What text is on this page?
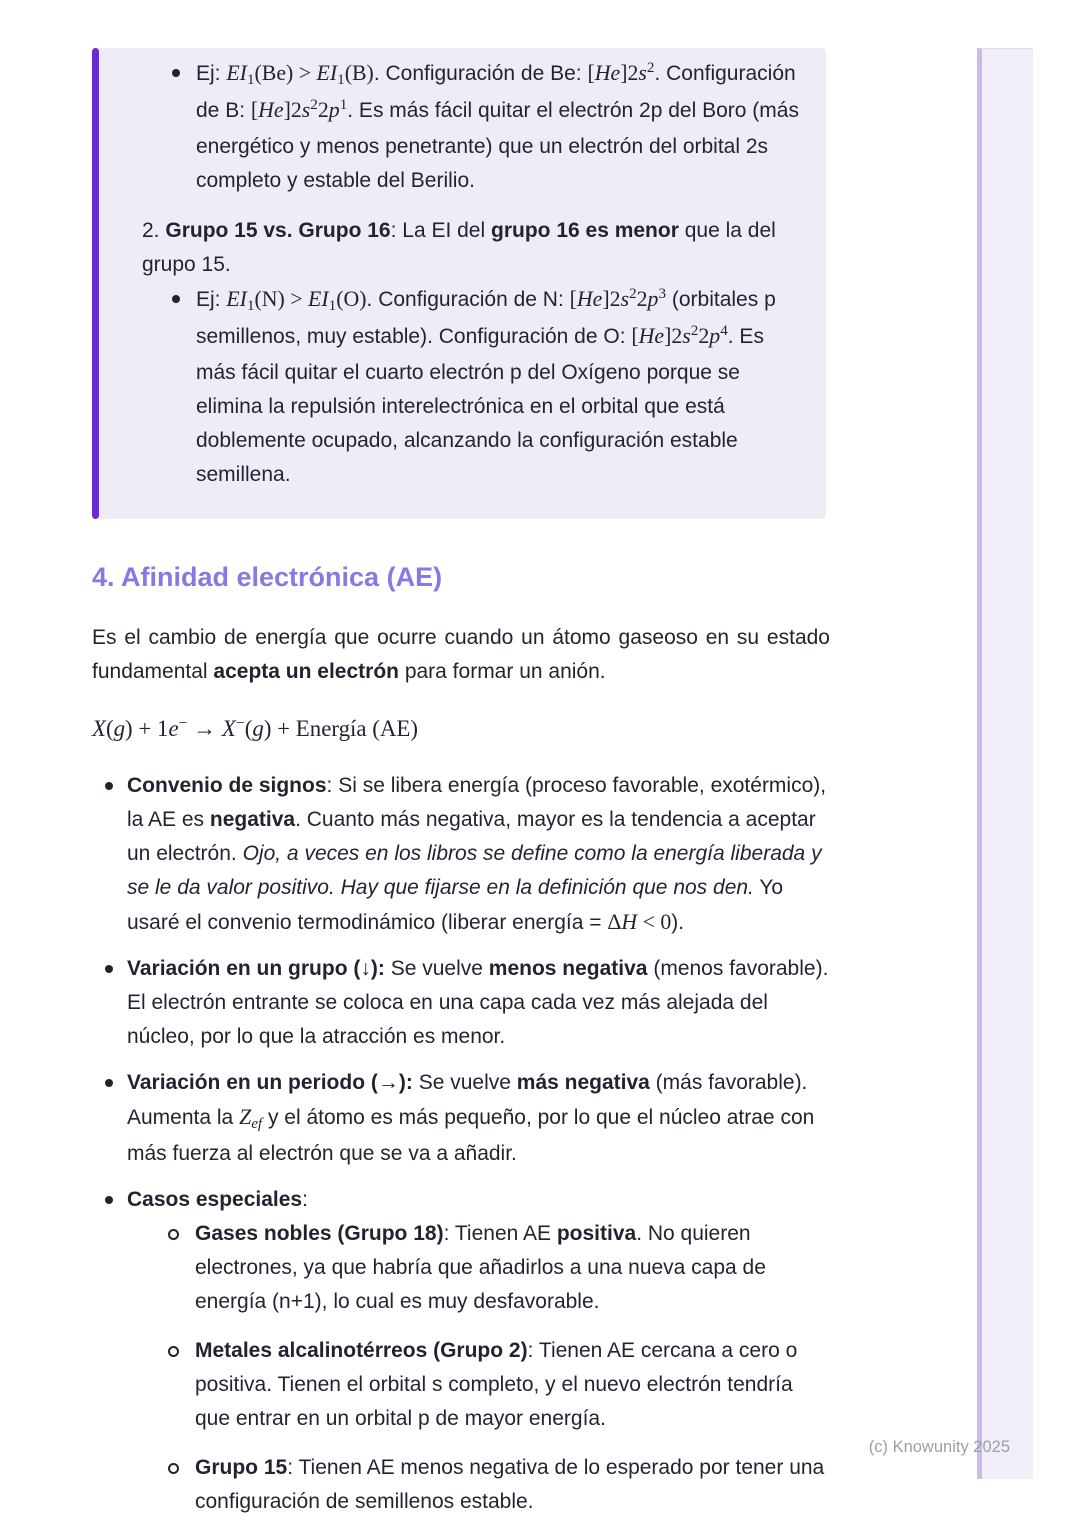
Ej: EI1(Be) > EI1(B). Configuración de Be: $[He]2s^2$. Configuración de B: $[He]2s^22p^1$. Es más fácil quitar el electrón 2p del Boro (más energético y menos penetrante) que un electrón del orbital 2s completo y estable del Berilio.
2. Grupo 15 vs. Grupo 16: La EI del grupo 16 es menor que la del grupo 15.
Ej: EI1(N) > EI1(O). Configuración de N: $[He]2s^22p^3$ (orbitales p semillenos, muy estable). Configuración de O: $[He]2s^22p^4$. Es más fácil quitar el cuarto electrón p del Oxígeno porque se elimina la repulsión interelectrónica en el orbital que está doblemente ocupado, alcanzando la configuración estable semillena.
4. Afinidad electrónica (AE)

Es el cambio de energía que ocurre cuando un átomo gaseoso en su estado fundamental acepta un electrón para formar un anión.

X(g) + 1e− → X−(g) + Energía (AE)
Convenio de signos: Si se libera energía (proceso favorable, exotérmico), la AE es negativa. Cuanto más negativa, mayor es la tendencia a aceptar un electrón. Ojo, a veces en los libros se define como la energía liberada y se le da valor positivo. Hay que fijarse en la definición que nos den. Yo usaré el convenio termodinámico (liberar energía = ΔH < 0).
Variación en un grupo (↓): Se vuelve menos negativa (menos favorable). El electrón entrante se coloca en una capa cada vez más alejada del núcleo, por lo que la atracción es menor.
Variación en un periodo (→): Se vuelve más negativa (más favorable). Aumenta la Zef y el átomo es más pequeño, por lo que el núcleo atrae con más fuerza al electrón que se va a añadir.
Casos especiales:
Gases nobles (Grupo 18): Tienen AE positiva. No quieren electrones, ya que habría que añadirlos a una nueva capa de energía (n+1), lo cual es muy desfavorable.
Metales alcalinotérreos (Grupo 2): Tienen AE cercana a cero o positiva. Tienen el orbital s completo, y el nuevo electrón tendría que entrar en un orbital p de mayor energía.
Grupo 15: Tienen AE menos negativa de lo esperado por tener una configuración de semillenos estable.
(c) Knowunity 2025
